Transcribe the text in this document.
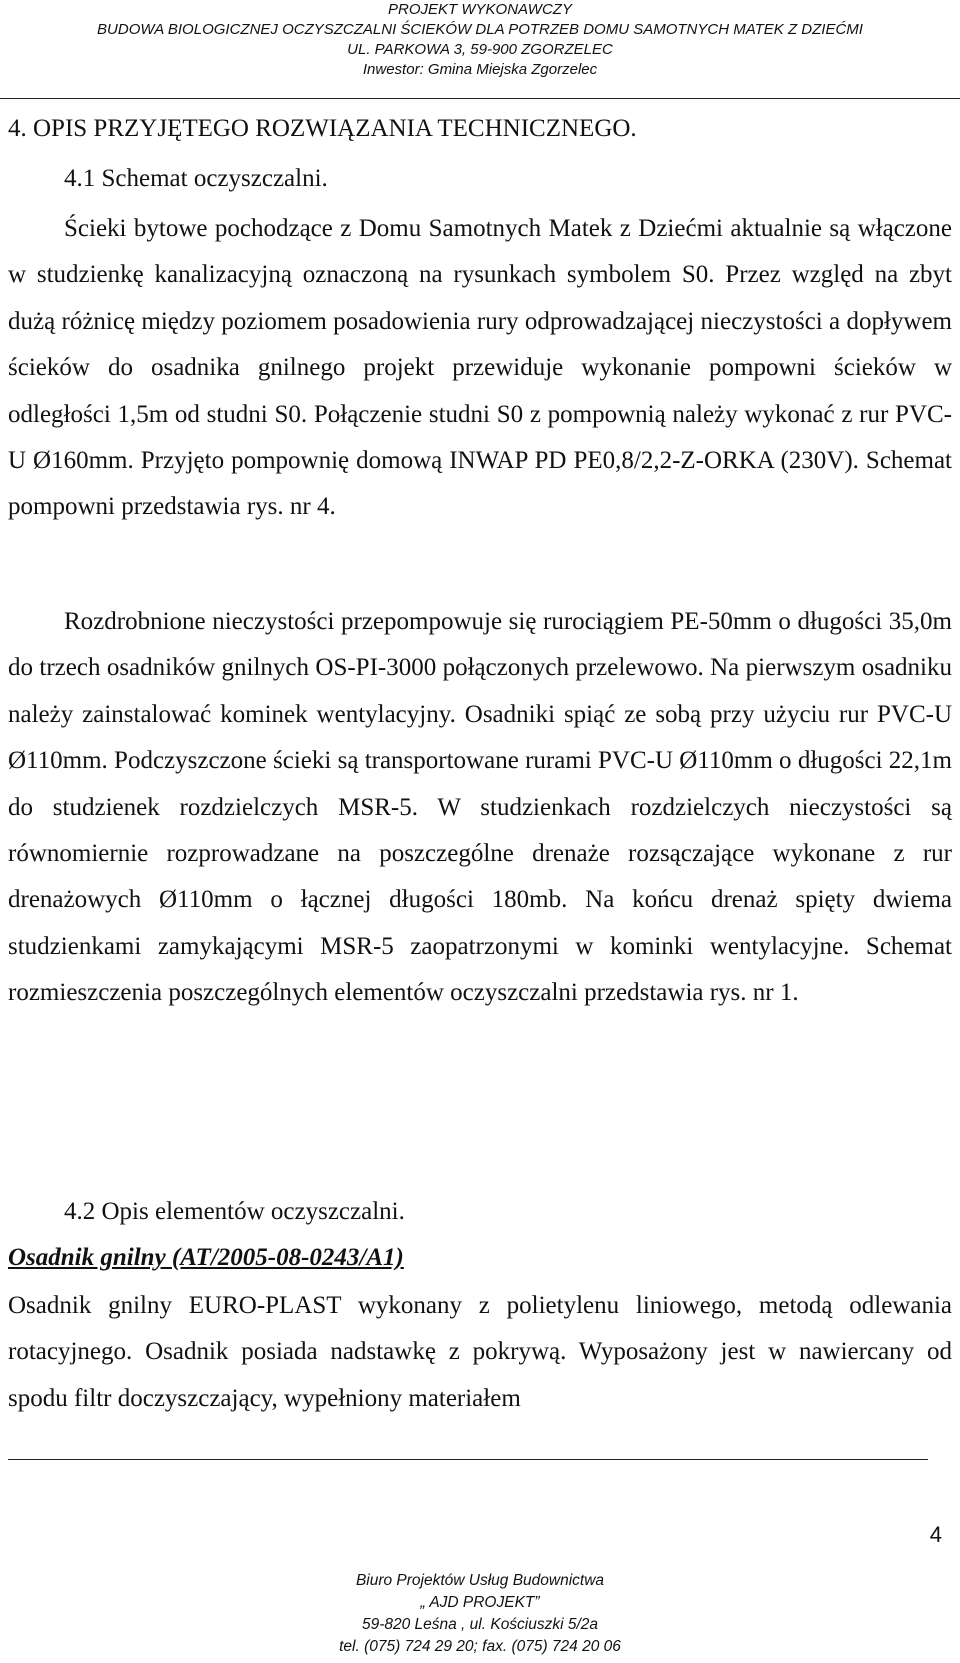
PROJEKT WYKONAWCZY

BUDOWA BIOLOGICZNEJ OCZYSZCZALNI ŚCIEKÓW DLA POTRZEB DOMU SAMOTNYCH MATEK Z DZIEĆMI

UL. PARKOWA 3, 59-900 ZGORZELEC

Inwestor: Gmina Miejska Zgorzelec

4. OPIS PRZYJĘTEGO ROZWIĄZANIA TECHNICZNEGO.

4.1 Schemat oczyszczalni.

Ścieki bytowe pochodzące z Domu Samotnych Matek z Dziećmi aktualnie są włączone w studzienkę kanalizacyjną oznaczoną na rysunkach symbolem S0. Przez względ na zbyt dużą różnicę między poziomem posadowienia rury odprowadzającej nieczystości a dopływem ścieków do osadnika gnilnego projekt przewiduje wykonanie pompowni ścieków w odległości 1,5m od studni S0. Połączenie studni S0 z pompownią należy wykonać z rur PVC-U Ø160mm. Przyjęto pompownię domową INWAP PD PE0,8/2,2-Z-ORKA (230V). Schemat pompowni przedstawia rys. nr 4.

Rozdrobnione nieczystości przepompowuje się rurociągiem PE-50mm o długości 35,0m do trzech osadników gnilnych OS-PI-3000 połączonych przelewowo. Na pierwszym osadniku należy zainstalować kominek wentylacyjny. Osadniki spiąć ze sobą przy użyciu rur PVC-U Ø110mm. Podczyszczone ścieki są transportowane rurami PVC-U Ø110mm o długości 22,1m do studzienek rozdzielczych MSR-5. W studzienkach rozdzielczych nieczystości są równomiernie rozprowadzane na poszczególne drenaże rozsączające wykonane z rur drenażowych Ø110mm o łącznej długości 180mb. Na końcu drenaż spięty dwiema studzienkami zamykającymi MSR-5 zaopatrzonymi w kominki wentylacyjne. Schemat rozmieszczenia poszczególnych elementów oczyszczalni przedstawia rys. nr 1.

4.2 Opis elementów oczyszczalni.

Osadnik gnilny (AT/2005-08-0243/A1)

Osadnik gnilny EURO-PLAST wykonany z polietylenu liniowego, metodą odlewania rotacyjnego. Osadnik posiada nadstawkę z pokrywą. Wyposażony jest w nawiercany od spodu filtr doczyszczający, wypełniony materiałem

4

Biuro Projektów Usług Budownictwa

„ AJD PROJEKT”

59-820 Leśna , ul. Kościuszki 5/2a

tel. (075) 724 29 20; fax. (075) 724 20 06
